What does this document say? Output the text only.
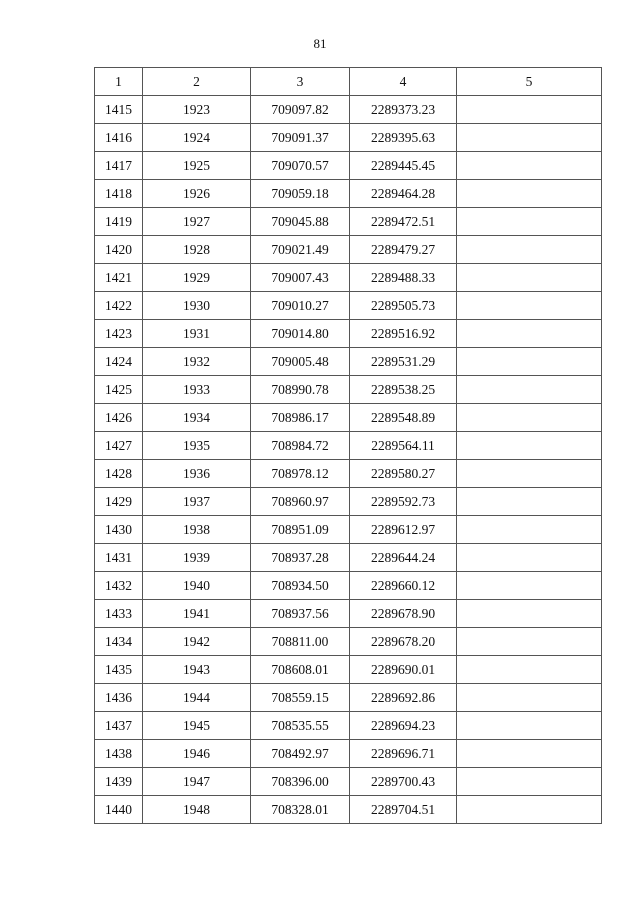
81
1	2	3	4	5
1415	1923	709097.82	2289373.23	
1416	1924	709091.37	2289395.63	
1417	1925	709070.57	2289445.45	
1418	1926	709059.18	2289464.28	
1419	1927	709045.88	2289472.51	
1420	1928	709021.49	2289479.27	
1421	1929	709007.43	2289488.33	
1422	1930	709010.27	2289505.73	
1423	1931	709014.80	2289516.92	
1424	1932	709005.48	2289531.29	
1425	1933	708990.78	2289538.25	
1426	1934	708986.17	2289548.89	
1427	1935	708984.72	2289564.11	
1428	1936	708978.12	2289580.27	
1429	1937	708960.97	2289592.73	
1430	1938	708951.09	2289612.97	
1431	1939	708937.28	2289644.24	
1432	1940	708934.50	2289660.12	
1433	1941	708937.56	2289678.90	
1434	1942	708811.00	2289678.20	
1435	1943	708608.01	2289690.01	
1436	1944	708559.15	2289692.86	
1437	1945	708535.55	2289694.23	
1438	1946	708492.97	2289696.71	
1439	1947	708396.00	2289700.43	
1440	1948	708328.01	2289704.51	
